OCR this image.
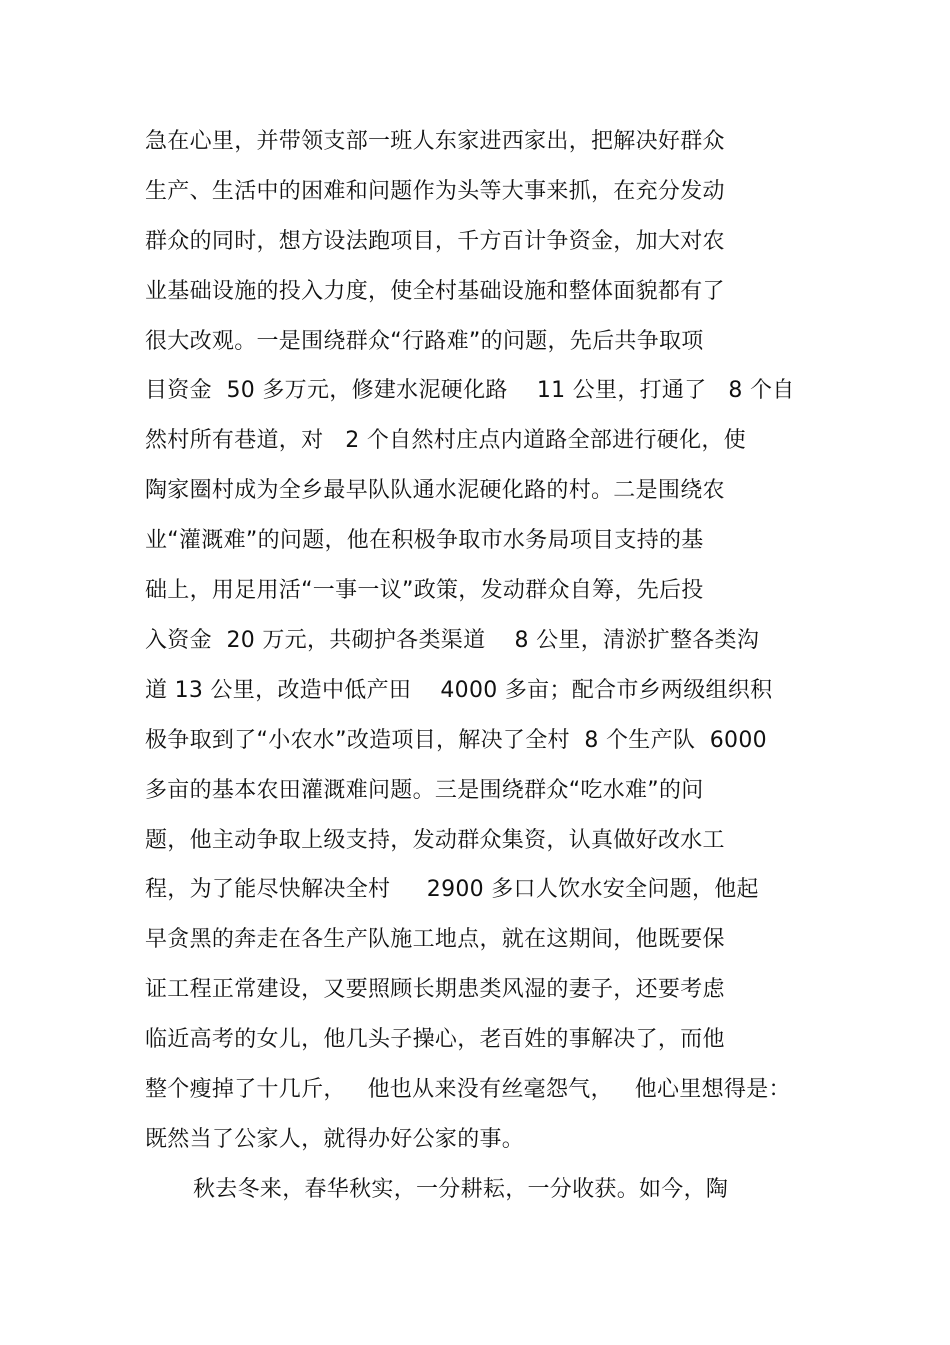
急在心里，并带领支部一班人东家进西家出，把解决好群众
生产、生活中的困难和问题作为头等大事来抓，在充分发动
群众的同时，想方设法跑项目，千方百计争资金，加大对农
业基础设施的投入力度，使全村基础设施和整体面貌都有了
很大改观。一是围绕群众“行路难”的问题，先后共争取项
目资金  50 多万元，修建水泥硬化路    11 公里，打通了   8 个自
然村所有巷道，对   2 个自然村庄点内道路全部进行硬化，使
陶家圈村成为全乡最早队队通水泥硬化路的村。二是围绕农
业“灌溉难”的问题，他在积极争取市水务局项目支持的基
础上，用足用活“一事一议”政策，发动群众自筹，先后投
入资金  20 万元，共砌护各类渠道    8 公里，清淤扩整各类沟
道 13 公里，改造中低产田    4000 多亩；配合市乡两级组织积
极争取到了“小农水”改造项目，解决了全村  8 个生产队  6000
多亩的基本农田灌溉难问题。三是围绕群众“吃水难”的问
题，他主动争取上级支持，发动群众集资，认真做好改水工
程，为了能尽快解决全村     2900 多口人饮水安全问题，他起
早贪黑的奔走在各生产队施工地点，就在这期间，他既要保
证工程正常建设，又要照顾长期患类风湿的妻子，还要考虑
临近高考的女儿，他几头子操心，老百姓的事解决了，而他
整个瘦掉了十几斤，   他也从来没有丝毫怨气，   他心里想得是：
既然当了公家人，就得办好公家的事。
秋去冬来，春华秋实，一分耕耘，一分收获。如今，陶
